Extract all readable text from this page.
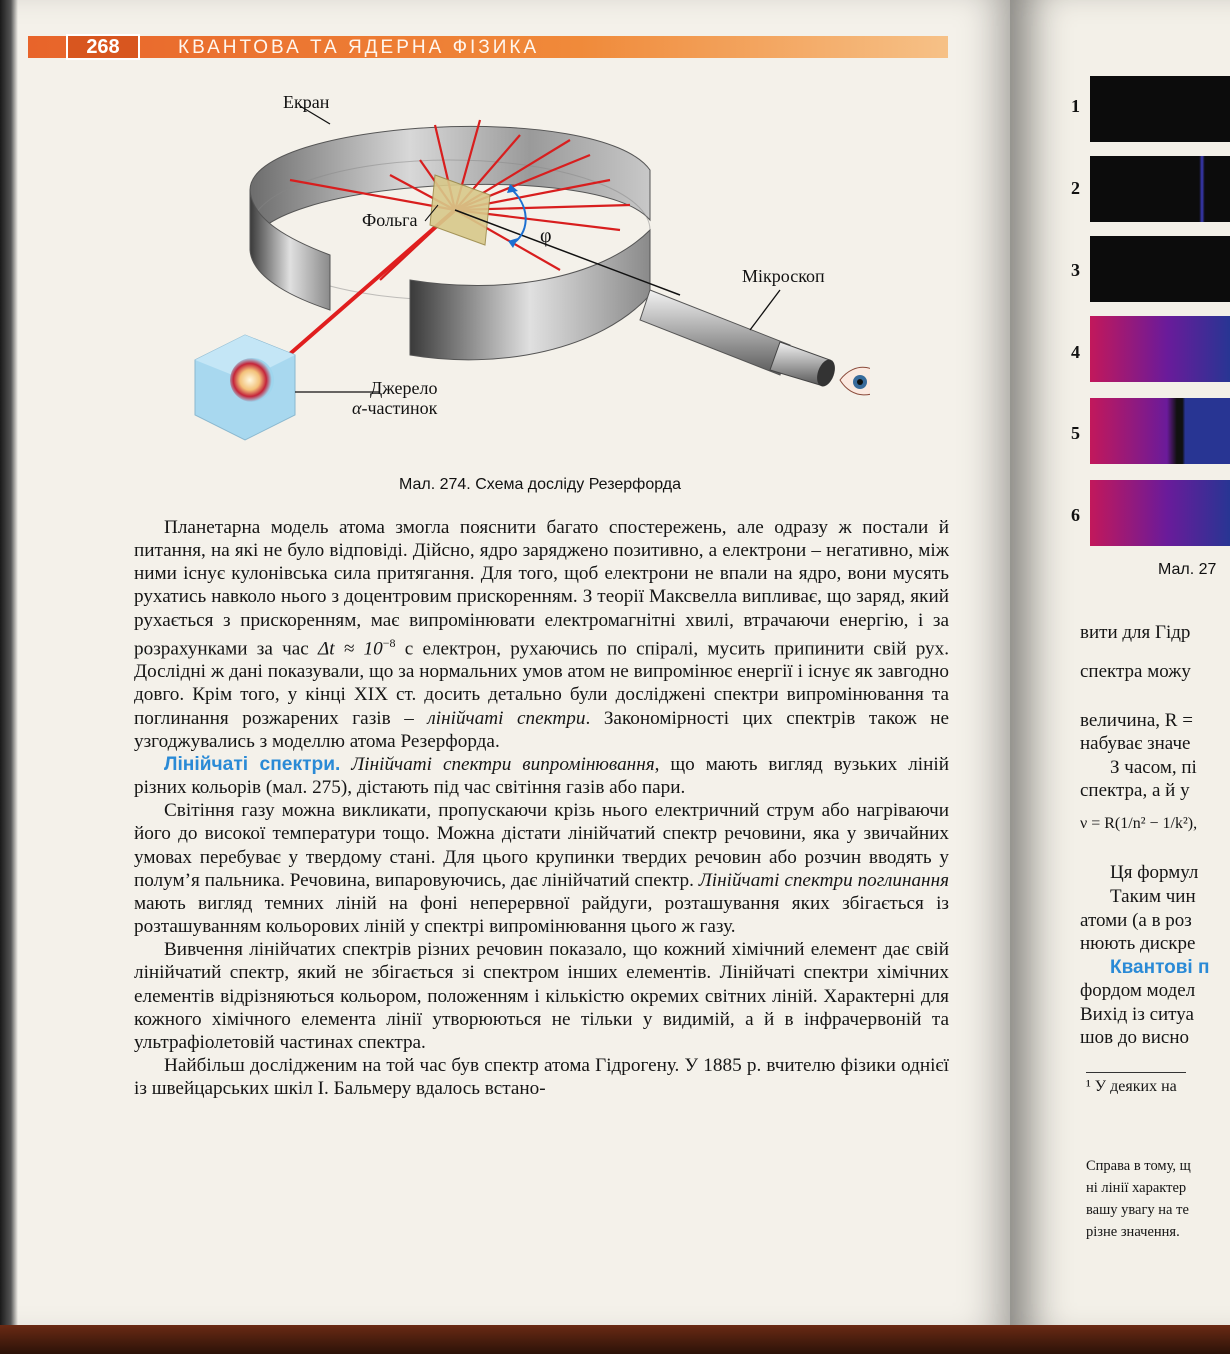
268	КВАНТОВА ТА ЯДЕРНА ФІЗИКА
Екран
Фольга
φ
Мікроскоп
Джерело
α-частинок
Мал. 274. Схема досліду Резерфорда

Планетарна модель атома змогла пояснити багато спостережень, але одразу ж постали й питання, на які не було відповіді. Дійсно, ядро заряджено позитивно, а електрони – негативно, між ними існує кулонівська сила притягання. Для того, щоб електрони не впали на ядро, вони мусять рухатись навколо нього з доцентровим прискоренням. З теорії Максвелла випливає, що заряд, який рухається з прискоренням, має випромінювати електромагнітні хвилі, втрачаючи енергію, і за розрахунками за час $\Delta t \approx 10^{-8}$ с електрон, рухаючись по спіралі, мусить припинити свій рух. Дослідні ж дані показували, що за нормальних умов атом не випромінює енергії і існує як завгодно довго. Крім того, у кінці XIX ст. досить детально були досліджені спектри випромінювання та поглинання розжарених газів – лінійчаті спектри. Закономірності цих спектрів також не узгоджувались з моделлю атома Резерфорда.

Лінійчаті спектри. Лінійчаті спектри випромінювання, що мають вигляд вузьких ліній різних кольорів (мал. 275), дістають під час світіння газів або пари.

Світіння газу можна викликати, пропускаючи крізь нього електричний струм або нагріваючи його до високої температури тощо. Можна дістати лінійчатий спектр речовини, яка у звичайних умовах перебуває у твердому стані. Для цього крупинки твердих речовин або розчин вводять у полум’я пальника. Речовина, випаровуючись, дає лінійчатий спектр. Лінійчаті спектри поглинання мають вигляд темних ліній на фоні неперервної райдуги, розташування яких збігається із розташуванням кольорових ліній у спектрі випромінювання цього ж газу.

Вивчення лінійчатих спектрів різних речовин показало, що кожний хімічний елемент дає свій лінійчатий спектр, який не збігається зі спектром інших елементів. Лінійчаті спектри хімічних елементів відрізняються кольором, положенням і кількістю окремих світних ліній. Характерні для кожного хімічного елемента лінії утворюються не тільки у видимій, а й в інфрачервоній та ультрафіолетовій частинах спектра.

Найбільш дослідженим на той час був спектр атома Гідрогену. У 1885 р. вчителю фізики однієї із швейцарських шкіл І. Бальмеру вдалось встано-

1
2
3
4
5
6
Мал. 27
вити для Гідр
спектра можу
величина, R =
набуває значе
З часом, пі
спектра, а й у
ν = R(1/n² − 1/k²),
Ця формул
Таким чин
атоми (а в роз
нюють дискре
Квантові п
фордом модел
Вихід із ситуа
шов до висно
¹ У деяких на
Справа в тому, щ
ні лінії характер
вашу увагу на те
різне значення.
